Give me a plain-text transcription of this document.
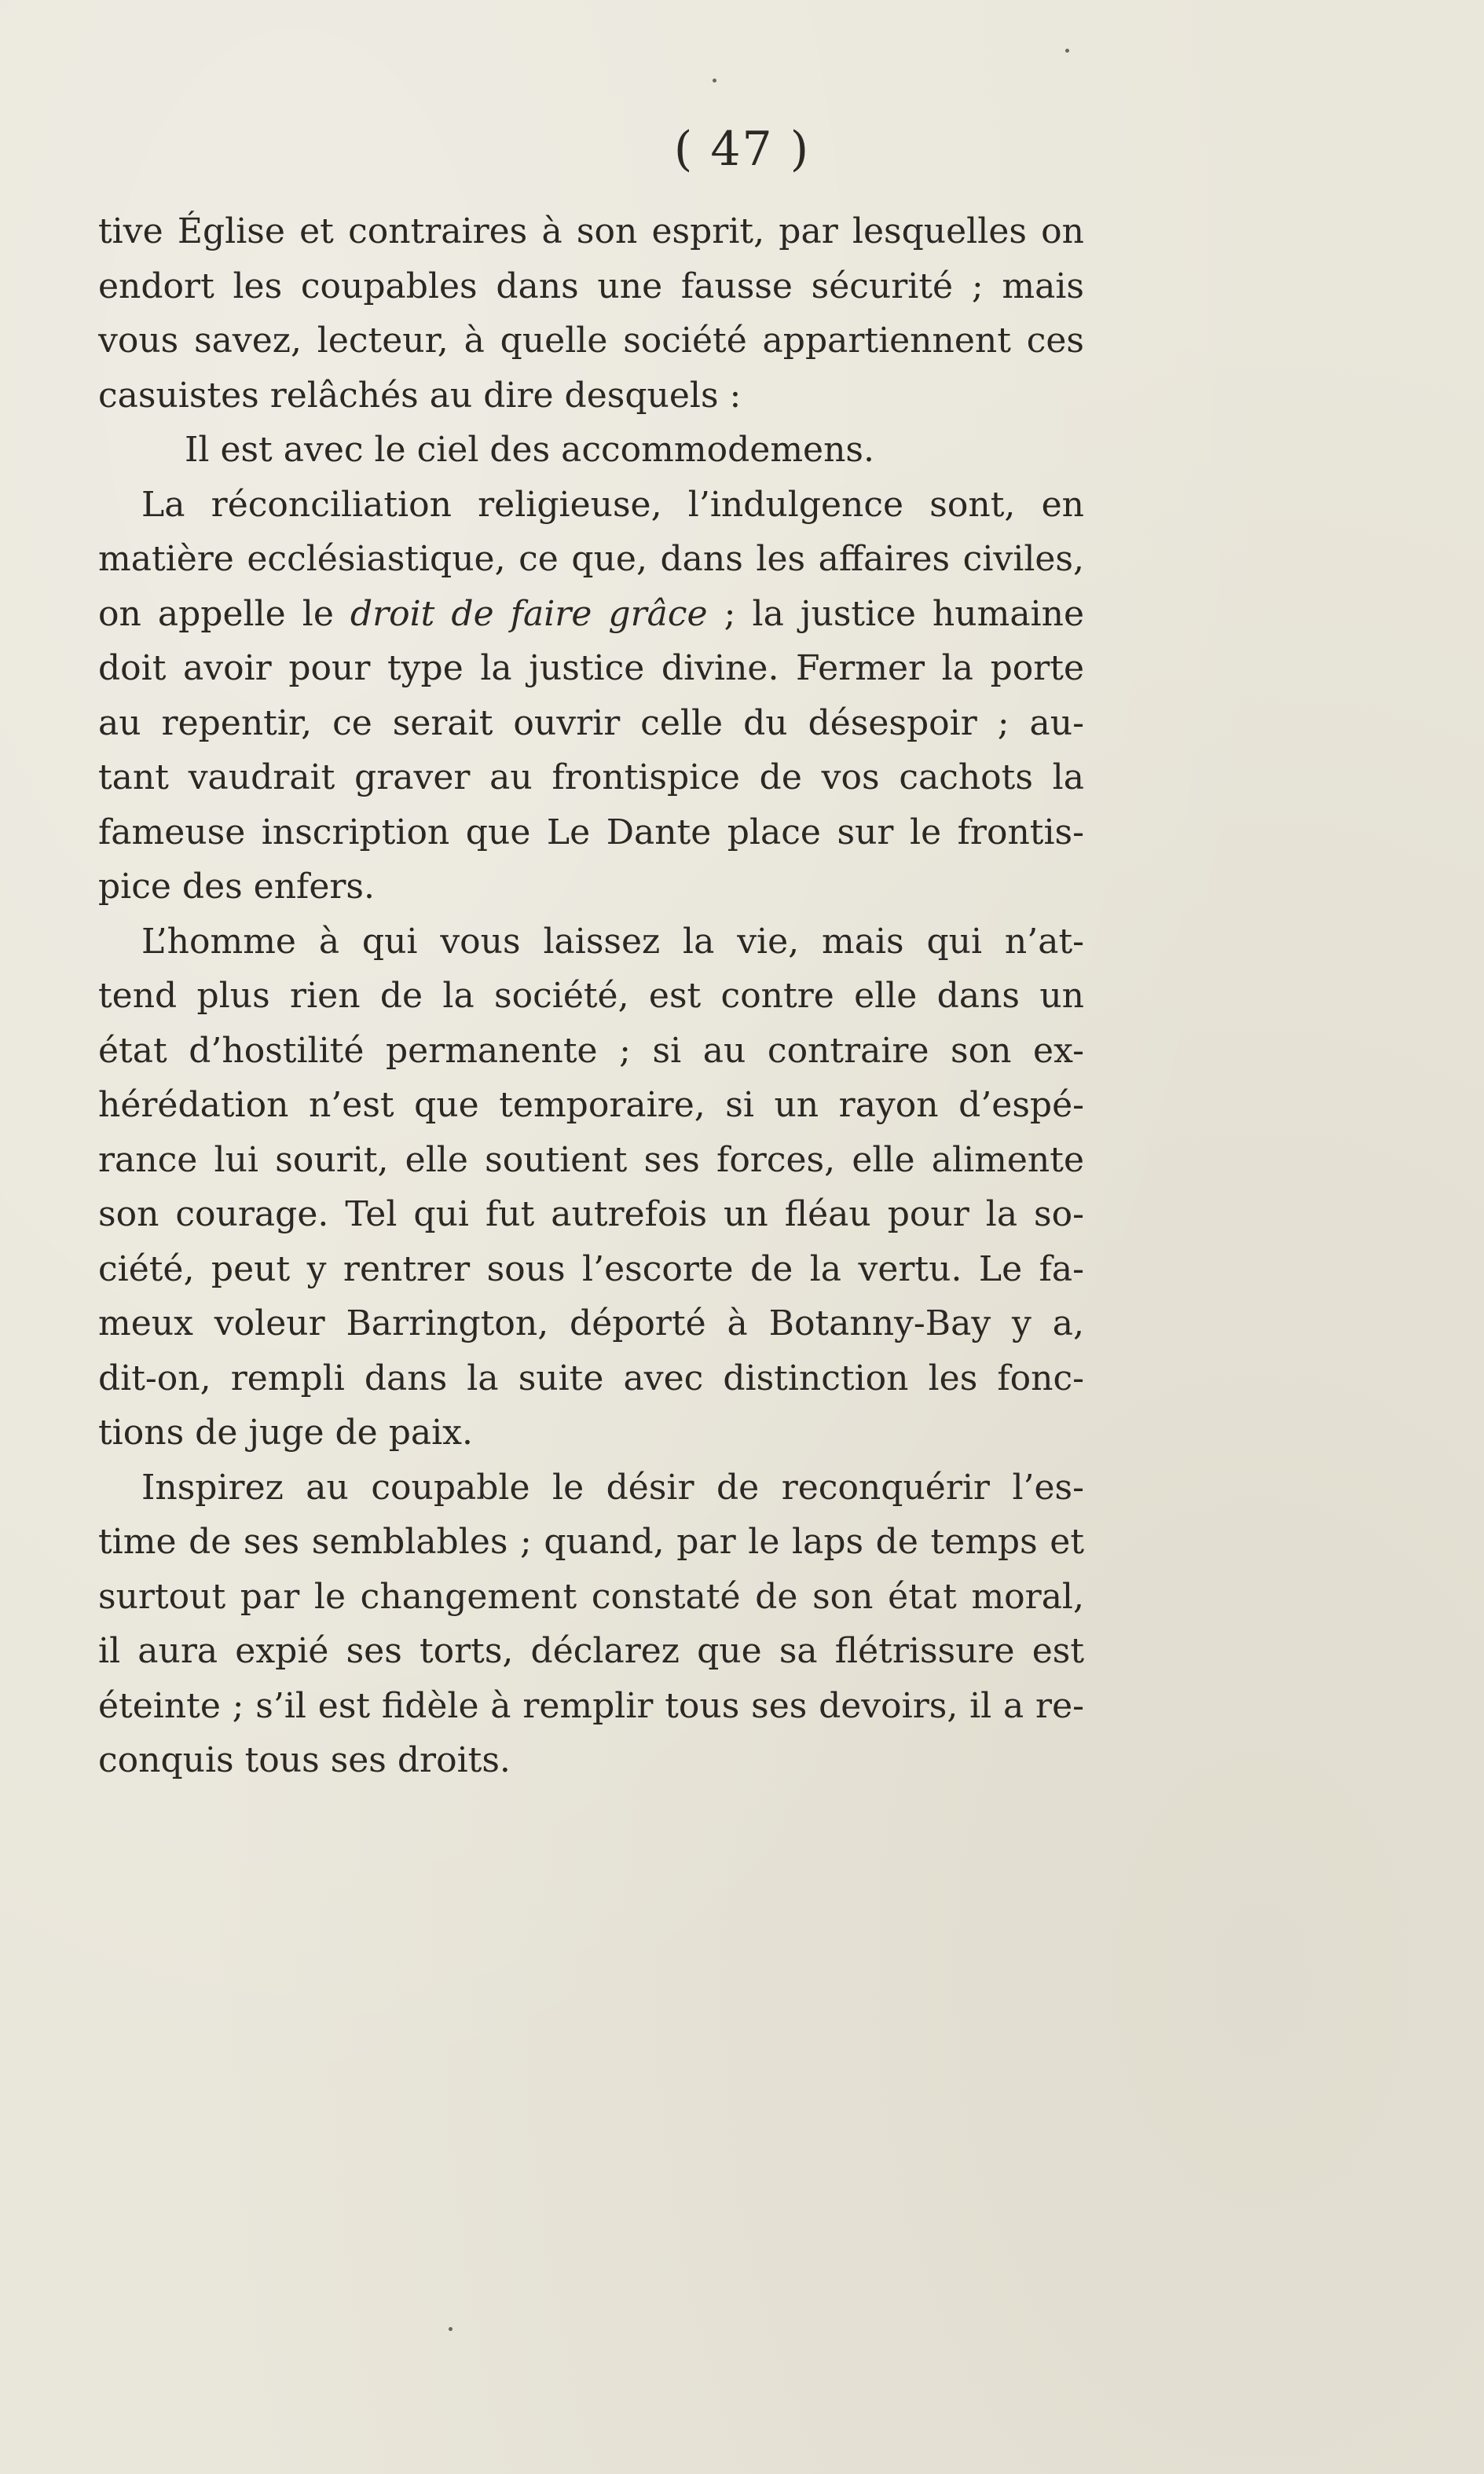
( 47 )
tive Église et contraires à son esprit, par lesquelles on
endort les coupables dans une fausse sécurité ; mais
vous savez, lecteur, à quelle société appartiennent ces
casuistes relâchés au dire desquels :
Il est avec le ciel des accommodemens.
La réconciliation religieuse, l’indulgence sont, en
matière ecclésiastique, ce que, dans les affaires civiles,
on appelle le droit de faire grâce ; la justice humaine
doit avoir pour type la justice divine. Fermer la porte
au repentir, ce serait ouvrir celle du désespoir ; au-
tant vaudrait graver au frontispice de vos cachots la
fameuse inscription que Le Dante place sur le frontis-
pice des enfers.
L’homme à qui vous laissez la vie, mais qui n’at-
tend plus rien de la société, est contre elle dans un
état d’hostilité permanente ; si au contraire son ex-
hérédation n’est que temporaire, si un rayon d’espé-
rance lui sourit, elle soutient ses forces, elle alimente
son courage. Tel qui fut autrefois un fléau pour la so-
ciété, peut y rentrer sous l’escorte de la vertu. Le fa-
meux voleur Barrington, déporté à Botanny-Bay y a,
dit-on, rempli dans la suite avec distinction les fonc-
tions de juge de paix.
Inspirez au coupable le désir de reconquérir l’es-
time de ses semblables ; quand, par le laps de temps et
surtout par le changement constaté de son état moral,
il aura expié ses torts, déclarez que sa flétrissure est
éteinte ; s’il est fidèle à remplir tous ses devoirs, il a re-
conquis tous ses droits.
